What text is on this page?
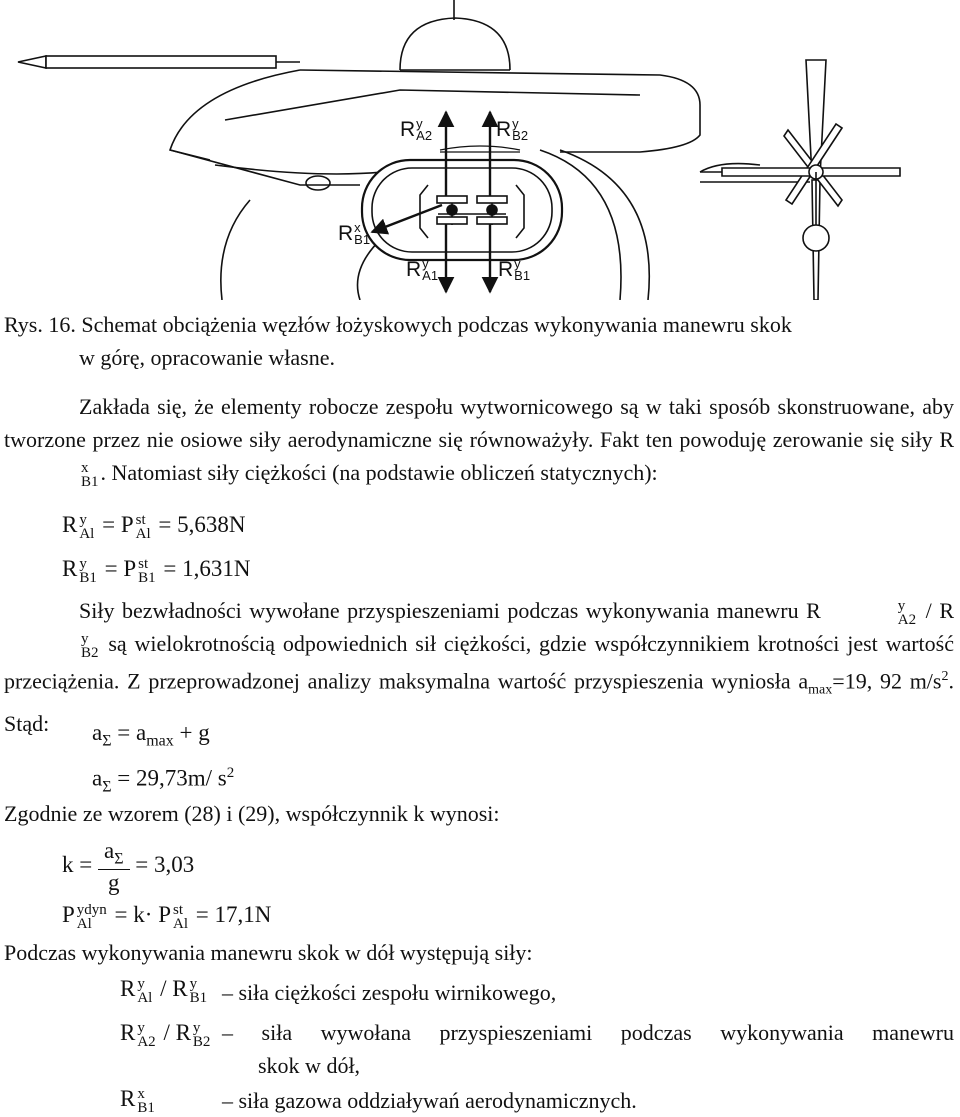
R y
A2	R y
B2
R x
B1
R y
A1	R y
B1
Rys. 16. Schemat obciążenia węzłów łożyskowych podczas wykonywania manewru skok
w górę, opracowanie własne.
Zakłada się, że elementy robocze zespołu wytwornicowego są w taki sposób skonstruowane, aby tworzone przez nie osiowe siły aerodynamiczne się równoważyły. Fakt ten powoduję zerowanie się siły R
x
B1 . Natomiast siły ciężkości (na podstawie obliczeń statycznych):
R y
Al = P st
Al = 5,638N
R y
B1 = P st
B1 = 1,631N
Siły bezwładności wywołane przyspieszeniami podczas wykonywania manewru R	y
A2 / R
y
B2 są wielokrotnością odpowiednich sił ciężkości, gdzie współczynnikiem krotności jest wartość przeciążenia. Z przeprowadzonej analizy maksymalna wartość przyspieszenia wyniosła $a_{max}=19$, 92 $m/s^2$. Stąd:	$a_\Sigma = a_{max} + g$
$a_\Sigma = 29,73m/$ $s^2$
Zgodnie ze wzorem (28) i (29), współczynnik k wynosi:
$k = \frac{a_\Sigma}{g} = 3,03$
P ydyn
Al = k· P st
Al = 17,1N
Podczas wykonywania manewru skok w dół występują siły:
R y
Al / R y
B1 – siła ciężkości zespołu wirnikowego,
R y
A2 / R y
B2 – siła wywołana przyspieszeniami podczas wykonywania manewru
skok w dół,
R x
B1	– siła gazowa oddziaływań aerodynamicznych.
